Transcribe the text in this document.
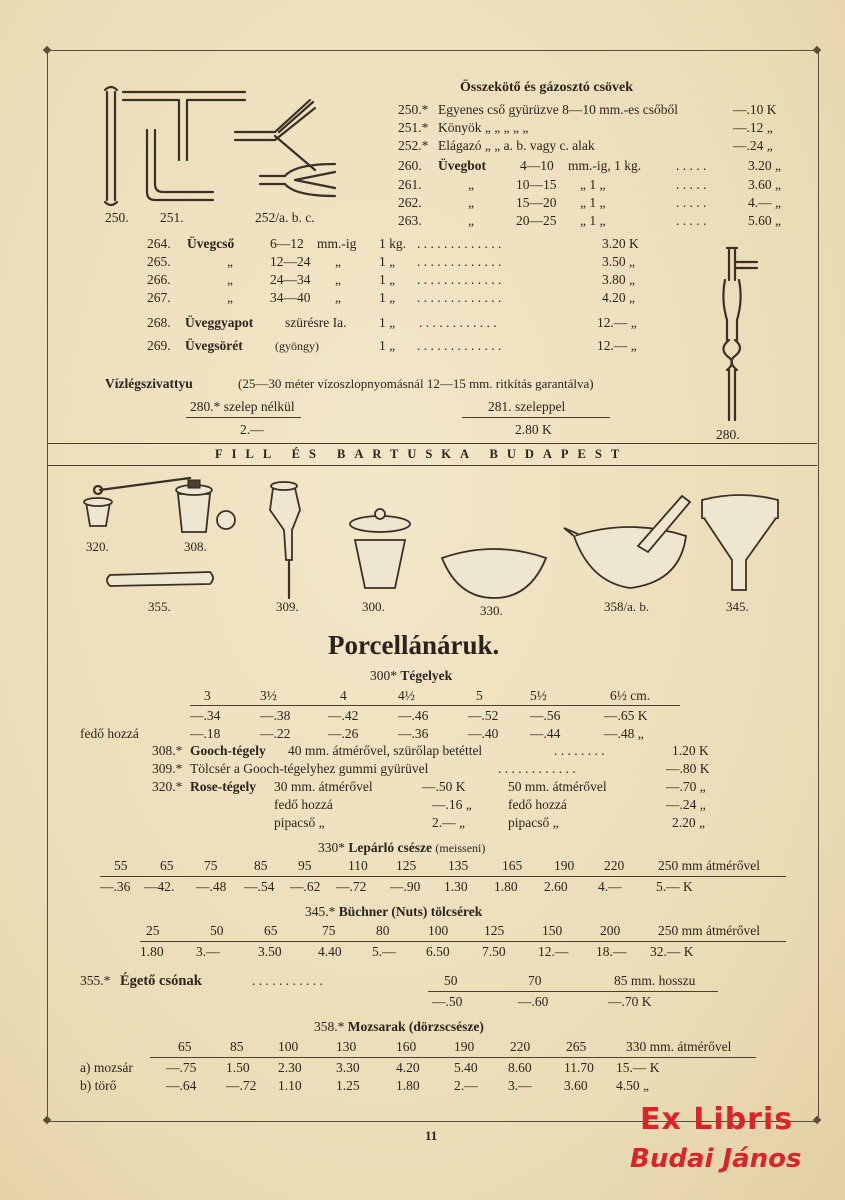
250. 251.	252/a. b. c.
Összekötő és gázosztó csövek
250.* Egyenes cső gyürüzve 8—10 mm.-es csőből	—.10 K
251.* Könyök „ „ „ „ „	—.12 „
252.* Elágazó „ „ a. b. vagy c. alak	—.24 „
260. Üvegbot	4—10 mm.-ig, 1 kg.	. . . . .	3.20 „
261.	„	10—15 „ 1 „	. . . . .	3.60 „
262.	„	15—20 „ 1 „	. . . . .	4.— „
263.	„	20—25 „ 1 „	. . . . .	5.60 „
264. Üvegcső	6—12 mm.-ig 1 kg. . . . . . . . . . . . . .	3.20 K
265.	„	12—24 „	1 „ . . . . . . . . . . . . .	3.50 „
266.	„	24—34 „	1 „ . . . . . . . . . . . . .	3.80 „
267.	„	34—40 „	1 „ . . . . . . . . . . . . .	4.20 „
268. Üveggyapot szürésre Ia. 1 „ . . . . . . . . . . . .	12.— „
269. Üvegsörét	(gyöngy)	1 „ . . . . . . . . . . . . .	12.— „
Vízlégszivattyu	(25—30 méter vízoszlopnyomásnál 12—15 mm. ritkítás garantálva)
280.* szelep nélkül
2.—
281. szeleppel
2.80 K	280.
FILL ÉS BARTUSKA BUDAPEST
320.	308.
355.	309.	300.	330.	358/a. b.	345.
Porcellánáruk.
300* Tégelyek
3	3½	4	4½	5	5½	6½ cm.
—.34	—.38	—.42	—.46	—.52 —.56	—.65 K
fedő hozzá	—.18	—.22	—.26	—.36	—.40 —.44	—.48 „
308.* Gooch-tégely 40 mm. átmérővel, szürőlap betéttel	. . . . . . . .	1.20 K
309.* Tölcsér a Gooch-tégelyhez gummi gyürüvel	. . . . . . . . . . . .	—.80 K
320.* Rose-tégely 30 mm. átmérővel	—.50 K	50 mm. átmérővel	—.70 „
fedő hozzá	—.16 „	fedő hozzá	—.24 „
pipacső „	2.— „	pipacső „	2.20 „
330* Lepárló csésze (meisseni)
55 65 75	85 95	110 125 135	165 190 220	250 mm átmérővel
—.36 —42. —.48 —.54 —.62 —.72 —.90 1.30 1.80 2.60 4.—	5.— K
345.* Büchner (Nuts) tölcsérek
25	50	65	75	80	100	125	150	200	250 mm átmérővel
1.80 3.—	3.50	4.40 5.— 6.50 7.50 12.— 18.— 32.— K
355.* Égető csónak	. . . . . . . . . . .	50	70	85 mm. hosszu
—.50	—.60	—.70 K
358.* Mozsarak (dörzscsésze)
65	85	100	130	160	190	220	265	330 mm. átmérővel
a) mozsár —.75 1.50 2.30	3.30	4.20	5.40 8.60 11.70 15.— K
b) törő	—.64 —.72 1.10	1.25	1.80	2.— 3.— 3.60 4.50 „
11	Ex Libris
Budai János
